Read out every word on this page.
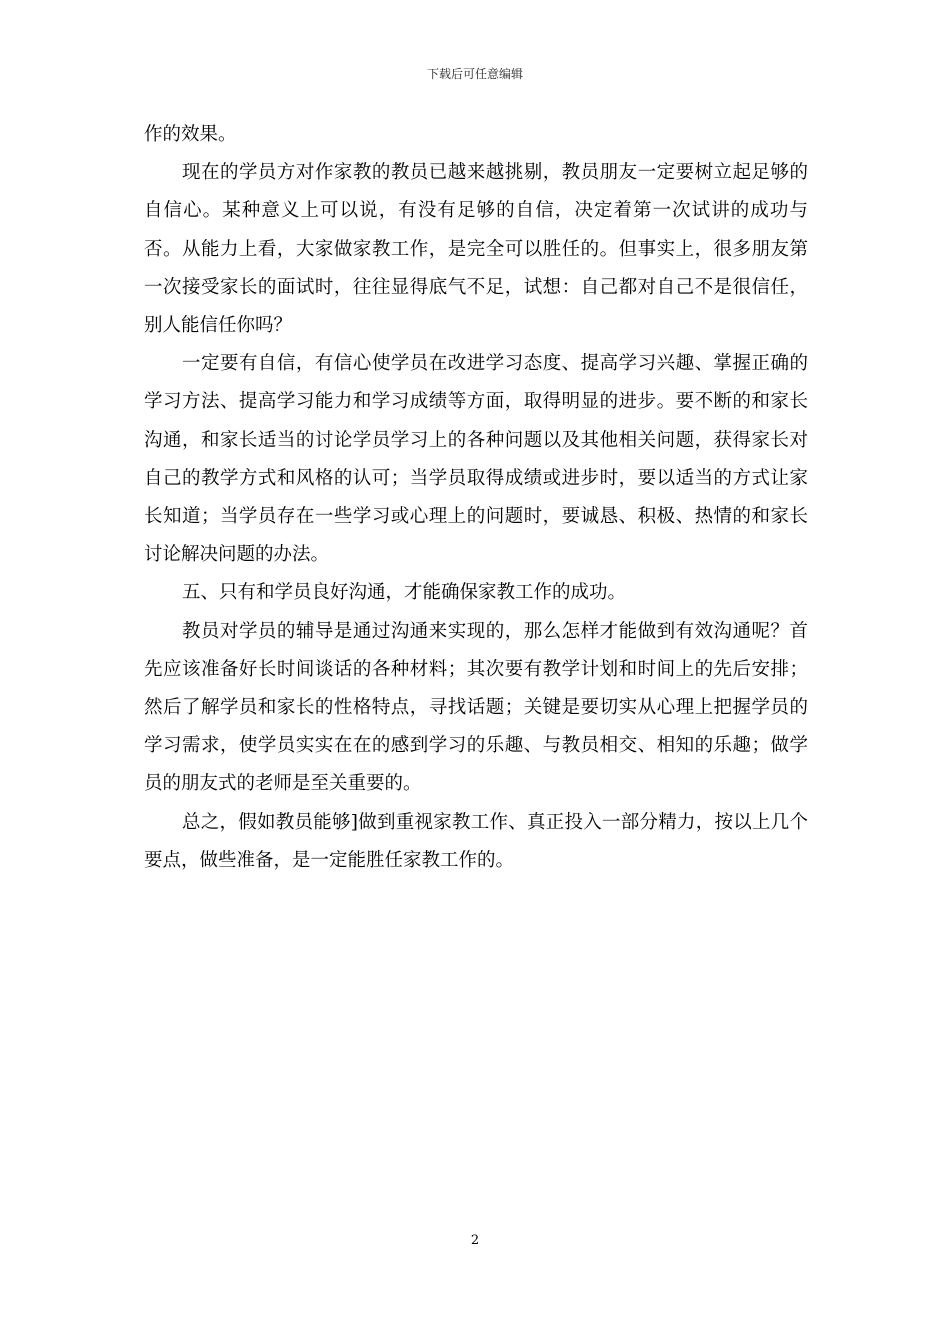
下载后可任意编辑

作的效果。

现在的学员方对作家教的教员已越来越挑剔，教员朋友一定要树立起足够的自信心。某种意义上可以说，有没有足够的自信，决定着第一次试讲的成功与否。从能力上看，大家做家教工作，是完全可以胜任的。但事实上，很多朋友第一次接受家长的面试时，往往显得底气不足，试想：自己都对自己不是很信任，别人能信任你吗？

一定要有自信，有信心使学员在改进学习态度、提高学习兴趣、掌握正确的学习方法、提高学习能力和学习成绩等方面，取得明显的进步。要不断的和家长沟通，和家长适当的讨论学员学习上的各种问题以及其他相关问题，获得家长对自己的教学方式和风格的认可；当学员取得成绩或进步时，要以适当的方式让家长知道；当学员存在一些学习或心理上的问题时，要诚恳、积极、热情的和家长讨论解决问题的办法。

五、只有和学员良好沟通，才能确保家教工作的成功。

教员对学员的辅导是通过沟通来实现的，那么怎样才能做到有效沟通呢？首先应该准备好长时间谈话的各种材料；其次要有教学计划和时间上的先后安排；然后了解学员和家长的性格特点，寻找话题；关键是要切实从心理上把握学员的学习需求，使学员实实在在的感到学习的乐趣、与教员相交、相知的乐趣；做学员的朋友式的老师是至关重要的。

总之，假如教员能够]做到重视家教工作、真正投入一部分精力，按以上几个要点，做些准备，是一定能胜任家教工作的。

2
